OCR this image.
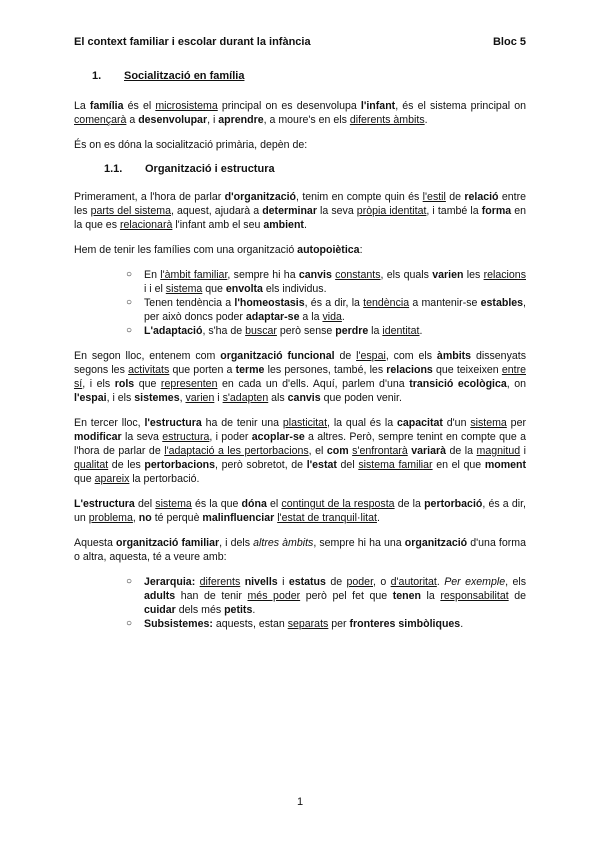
El context familiar i escolar durant la infància	Bloc 5
1. Socialització en família

La família és el microsistema principal on es desenvolupa l'infant, és el sistema principal on començarà a desenvolupar, i aprendre, a moure's en els diferents àmbits.

És on es dóna la socialització primària, depèn de:

1.1. Organització i estructura

Primerament, a l'hora de parlar d'organització, tenim en compte quin és l'estil de relació entre les parts del sistema, aquest, ajudarà a determinar la seva pròpia identitat, i també la forma en la que es relacionarà l'infant amb el seu ambient.

Hem de tenir les famílies com una organització autopoiètica:

○ En l'àmbit familiar, sempre hi ha canvis constants, els quals varien les relacions i i el sistema que envolta els individus.
○ Tenen tendència a l'homeostasis, és a dir, la tendència a mantenir-se estables, per això doncs poder adaptar-se a la vida.
○ L'adaptació, s'ha de buscar però sense perdre la identitat.

En segon lloc, entenem com organització funcional de l'espai, com els àmbits dissenyats segons les activitats que porten a terme les persones, també, les relacions que teixeixen entre sí, i els rols que representen en cada un d'ells. Aquí, parlem d'una transició ecològica, on l'espai, i els sistemes, varien i s'adapten als canvis que poden venir.

En tercer lloc, l'estructura ha de tenir una plasticitat, la qual és la capacitat d'un sistema per modificar la seva estructura, i poder acoplar-se a altres. Però, sempre tenint en compte que a l'hora de parlar de l'adaptació a les pertorbacions, el com s'enfrontarà variarà de la magnitud i qualitat de les pertorbacions, però sobretot, de l'estat del sistema familiar en el que moment que apareix la pertorbació.

L'estructura del sistema és la que dóna el contingut de la resposta de la pertorbació, és a dir, un problema, no té perquè malinfluenciar l'estat de tranquil·litat.

Aquesta organització familiar, i dels altres àmbits, sempre hi ha una organització d'una forma o altra, aquesta, té a veure amb:

○ Jerarquia: diferents nivells i estatus de poder, o d'autoritat. Per exemple, els adults han de tenir més poder però pel fet que tenen la responsabilitat de cuidar dels més petits.
○ Subsistemes: aquests, estan separats per fronteres simbòliques.
1
